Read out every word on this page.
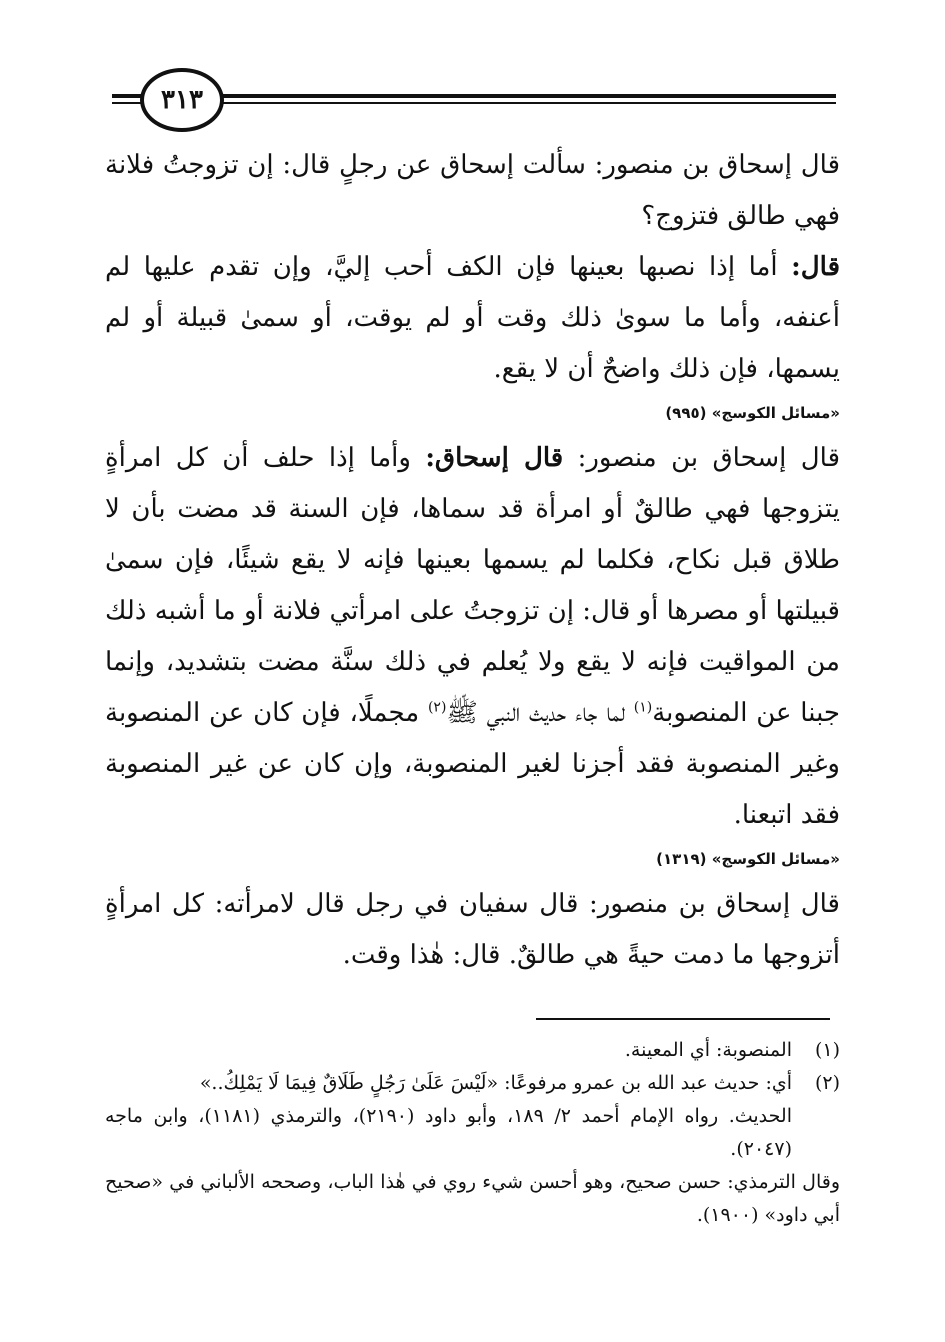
٣١٣

قال إسحاق بن منصور: سألت إسحاق عن رجلٍ قال: إن تزوجتُ فلانة فهي طالق فتزوج؟

قال: أما إذا نصبها بعينها فإن الكف أحب إليَّ، وإن تقدم عليها لم أعنفه، وأما ما سوىٰ ذلك وقت أو لم يوقت، أو سمىٰ قبيلة أو لم يسمها، فإن ذلك واضحٌ أن لا يقع.

«مسائل الكوسج» (٩٩٥)

قال إسحاق بن منصور: قال إسحاق: وأما إذا حلف أن كل امرأةٍ يتزوجها فهي طالقٌ أو امرأة قد سماها، فإن السنة قد مضت بأن لا طلاق قبل نكاح، فكلما لم يسمها بعينها فإنه لا يقع شيئًا، فإن سمىٰ قبيلتها أو مصرها أو قال: إن تزوجتُ على امرأتي فلانة أو ما أشبه ذلك من المواقيت فإنه لا يقع ولا يُعلم في ذلك سنَّة مضت بتشديد، وإنما جبنا عن المنصوبة$^{(١)}$ لما جاء حديث النبي ﷺ$^{(٢)}$ مجملًا، فإن كان عن المنصوبة وغير المنصوبة فقد أجزنا لغير المنصوبة، وإن كان عن غير المنصوبة فقد اتبعنا.

«مسائل الكوسج» (١٣١٩)

قال إسحاق بن منصور: قال سفيان في رجل قال لامرأته: كل امرأةٍ أتزوجها ما دمت حيةً هي طالقٌ. قال: هٰذا وقت.

(١)
المنصوبة: أي المعينة.
(٢)
أي: حديث عبد الله بن عمرو مرفوعًا: «لَيْسَ عَلَىٰ رَجُلٍ طَلَاقٌ فِيمَا لَا يَمْلِكُ..»
الحديث. رواه الإمام أحمد ٢/ ١٨٩، وأبو داود (٢١٩٠)، والترمذي (١١٨١)، وابن ماجه (٢٠٤٧).
وقال الترمذي: حسن صحيح، وهو أحسن شيء روي في هٰذا الباب، وصححه الألباني في «صحيح أبي داود» (١٩٠٠).
